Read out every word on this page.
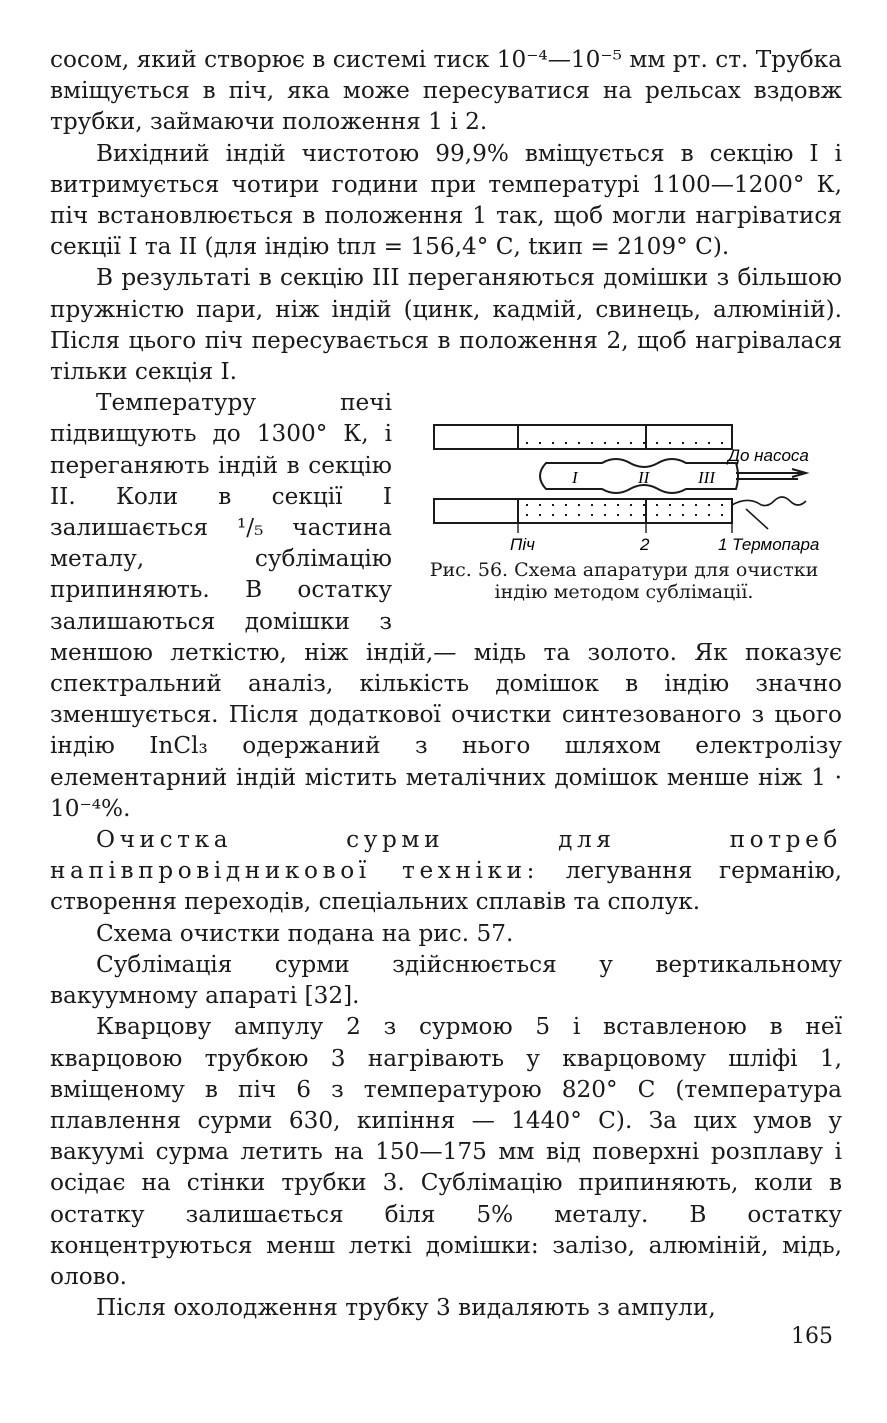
сосом, який створює в системі тиск 10⁻⁴—10⁻⁵ мм рт. ст. Трубка вміщується в піч, яка може пересуватися на рельсах вздовж трубки, займаючи положення 1 і 2.

Вихідний індій чистотою 99,9% вміщується в секцію I і витримується чотири години при температурі 1100—1200° К, піч встановлюється в положення 1 так, щоб могли нагріватися секції I та II (для індію tпл = 156,4° С, tкип = 2109° С).

В результаті в секцію III переганяються домішки з більшою пружністю пари, ніж індій (цинк, кадмій, свинець, алюміній). Після цього піч пересувається в положення 2, щоб нагрівалася тільки секція I.

I	II	III
До насоса
Піч	2	1 Термопара

Рис. 56. Схема апаратури для очистки індію методом сублімації.

Температуру печі підвищують до 1300° К, і переганяють індій в секцію II. Коли в секції I залишається ¹/₅ частина металу, сублімацію припиняють. В остатку залишаються домішки з меншою леткістю, ніж індій,— мідь та золото. Як показує спектральний аналіз, кількість домішок в індію значно зменшується. Після додаткової очистки синтезованого з цього індію InCl₃ одержаний з нього шляхом електролізу елементарний індій містить металічних домішок менше ніж 1 · 10⁻⁴%.

Очистка сурми для потреб напівпровідникової техніки: легування германію, створення переходів, спеціальних сплавів та сполук.

Схема очистки подана на рис. 57.

Сублімація сурми здійснюється у вертикальному вакуумному апараті [32].

Кварцову ампулу 2 з сурмою 5 і вставленою в неї кварцовою трубкою 3 нагрівають у кварцовому шліфі 1, вміщеному в піч 6 з температурою 820° С (температура плавлення сурми 630, кипіння — 1440° С). За цих умов у вакуумі сурма летить на 150—175 мм від поверхні розплаву і осідає на стінки трубки 3. Сублімацію припиняють, коли в остатку залишається біля 5% металу. В остатку концентруються менш леткі домішки: залізо, алюміній, мідь, олово.

Після охолодження трубку 3 видаляють з ампули,

165
